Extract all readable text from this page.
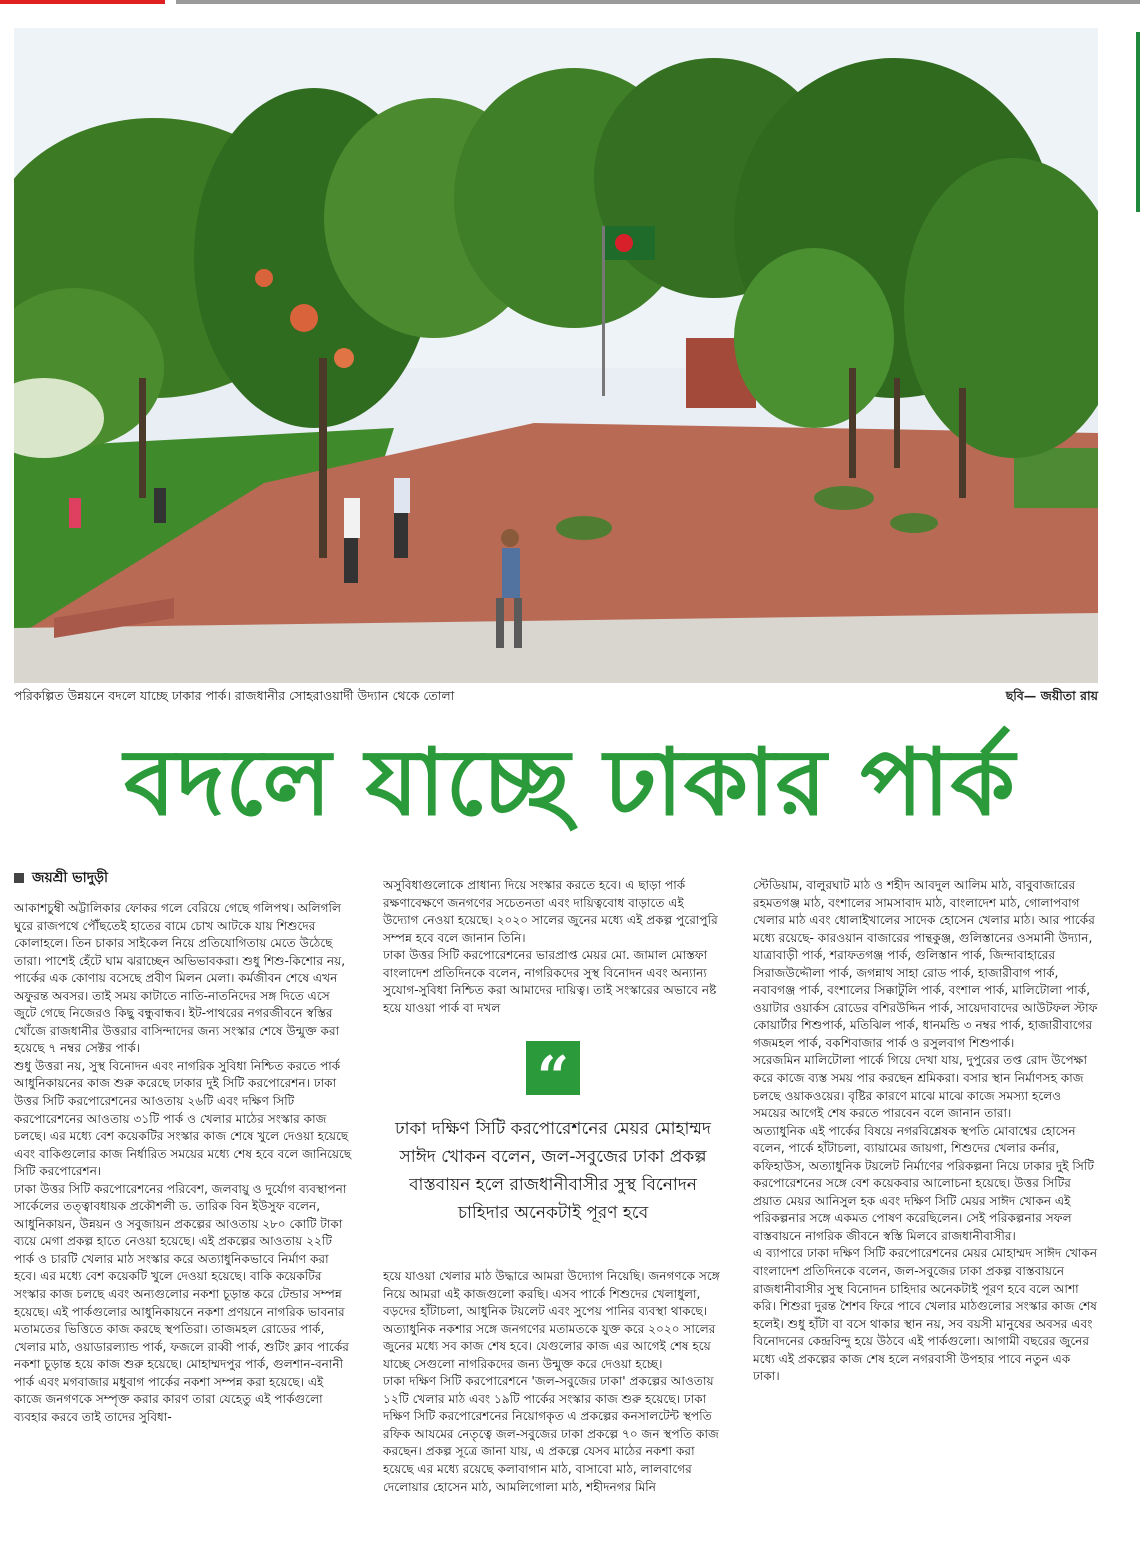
পরিকল্পিত উন্নয়নে বদলে যাচ্ছে ঢাকার পার্ক। রাজধানীর সোহরাওয়ার্দী উদ্যান থেকে তোলা	ছবি— জয়ীতা রায়
বদলে যাচ্ছে ঢাকার পার্ক

জয়শ্রী ভাদুড়ী

আকাশচুম্বী অট্টালিকার ফোকর গলে বেরিয়ে গেছে গলিপথ। অলিগলি ঘুরে রাজপথে পৌঁছতেই হাতের বামে চোখ আটকে যায় শিশুদের কোলাহলে। তিন চাকার সাইকেল নিয়ে প্রতিযোগিতায় মেতে উঠেছে তারা। পাশেই হেঁটে ঘাম ঝরাচ্ছেন অভিভাবকরা। শুধু শিশু-কিশোর নয়, পার্কের এক কোণায় বসেছে প্রবীণ মিলন মেলা। কর্মজীবন শেষে এখন অফুরন্ত অবসর। তাই সময় কাটাতে নাতি-নাতনিদের সঙ্গ দিতে এসে জুটে গেছে নিজেরও কিছু বন্ধুবান্ধব। ইট-পাথরের নগরজীবনে স্বস্তির খোঁজে রাজধানীর উত্তরার বাসিন্দাদের জন্য সংস্কার শেষে উন্মুক্ত করা হয়েছে ৭ নম্বর সেক্টর পার্ক।

শুধু উত্তরা নয়, সুস্থ বিনোদন এবং নাগরিক সুবিধা নিশ্চিত করতে পার্ক আধুনিকায়নের কাজ শুরু করেছে ঢাকার দুই সিটি করপোরেশন। ঢাকা উত্তর সিটি করপোরেশনের আওতায় ২৬টি এবং দক্ষিণ সিটি করপোরেশনের আওতায় ৩১টি পার্ক ও খেলার মাঠের সংস্কার কাজ চলছে। এর মধ্যে বেশ কয়েকটির সংস্কার কাজ শেষে খুলে দেওয়া হয়েছে এবং বাকিগুলোর কাজ নির্ধারিত সময়ের মধ্যে শেষ হবে বলে জানিয়েছে সিটি করপোরেশন।

ঢাকা উত্তর সিটি করপোরেশনের পরিবেশ, জলবায়ু ও দুর্যোগ ব্যবস্থাপনা সার্কেলের তত্ত্বাবধায়ক প্রকৌশলী ড. তারিক বিন ইউসুফ বলেন, আধুনিকায়ন, উন্নয়ন ও সবুজায়ন প্রকল্পের আওতায় ২৮০ কোটি টাকা ব্যয়ে মেগা প্রকল্প হাতে নেওয়া হয়েছে। এই প্রকল্পের আওতায় ২২টি পার্ক ও চারটি খেলার মাঠ সংস্কার করে অত্যাধুনিকভাবে নির্মাণ করা হবে। এর মধ্যে বেশ কয়েকটি খুলে দেওয়া হয়েছে। বাকি কয়েকটির সংস্কার কাজ চলছে এবং অন্যগুলোর নকশা চূড়ান্ত করে টেন্ডার সম্পন্ন হয়েছে। এই পার্কগুলোর আধুনিকায়নে নকশা প্রণয়নে নাগরিক ভাবনার মতামতের ভিত্তিতে কাজ করছে স্থপতিরা। তাজমহল রোডের পার্ক, খেলার মাঠ, ওয়াডারল্যান্ড পার্ক, ফজলে রাব্বী পার্ক, শুটিং ক্লাব পার্কের নকশা চূড়ান্ত হয়ে কাজ শুরু হয়েছে। মোহাম্মদপুর পার্ক, গুলশান-বনানী পার্ক এবং মগবাজার মধুবাগ পার্কের নকশা সম্পন্ন করা হয়েছে। এই কাজে জনগণকে সম্পৃক্ত করার কারণ তারা যেহেতু এই পার্কগুলো ব্যবহার করবে তাই তাদের সুবিধা-

অসুবিধাগুলোকে প্রাধান্য দিয়ে সংস্কার করতে হবে। এ ছাড়া পার্ক রক্ষণাবেক্ষণে জনগণের সচেতনতা এবং দায়িত্ববোধ বাড়াতে এই উদ্যোগ নেওয়া হয়েছে। ২০২০ সালের জুনের মধ্যে এই প্রকল্প পুরোপুরি সম্পন্ন হবে বলে জানান তিনি।

ঢাকা উত্তর সিটি করপোরেশনের ভারপ্রাপ্ত মেয়র মো. জামাল মোস্তফা বাংলাদেশ প্রতিদিনকে বলেন, নাগরিকদের সুস্থ বিনোদন এবং অন্যান্য সুযোগ-সুবিধা নিশ্চিত করা আমাদের দায়িত্ব। তাই সংস্কারের অভাবে নষ্ট হয়ে যাওয়া পার্ক বা দখল

“
ঢাকা দক্ষিণ সিটি করপোরেশনের মেয়র মোহাম্মদ সাঈদ খোকন বলেন, জল-সবুজের ঢাকা প্রকল্প বাস্তবায়ন হলে রাজধানীবাসীর সুস্থ বিনোদন চাহিদার অনেকটাই পূরণ হবে

হয়ে যাওয়া খেলার মাঠ উদ্ধারে আমরা উদ্যোগ নিয়েছি। জনগণকে সঙ্গে নিয়ে আমরা এই কাজগুলো করছি। এসব পার্কে শিশুদের খেলাধুলা, বড়দের হাঁটাচলা, আধুনিক টয়লেট এবং সুপেয় পানির ব্যবস্থা থাকছে। অত্যাধুনিক নকশার সঙ্গে জনগণের মতামতকে যুক্ত করে ২০২০ সালের জুনের মধ্যে সব কাজ শেষ হবে। যেগুলোর কাজ এর আগেই শেষ হয়ে যাচ্ছে সেগুলো নাগরিকদের জন্য উন্মুক্ত করে দেওয়া হচ্ছে।

ঢাকা দক্ষিণ সিটি করপোরেশনে 'জল-সবুজের ঢাকা' প্রকল্পের আওতায় ১২টি খেলার মাঠ এবং ১৯টি পার্কের সংস্কার কাজ শুরু হয়েছে। ঢাকা দক্ষিণ সিটি করপোরেশনের নিয়োগকৃত এ প্রকল্পের কনসালটেন্ট স্থপতি রফিক আযমের নেতৃত্বে জল-সবুজের ঢাকা প্রকল্পে ৭০ জন স্থপতি কাজ করছেন। প্রকল্প সূত্রে জানা যায়, এ প্রকল্পে যেসব মাঠের নকশা করা হয়েছে এর মধ্যে রয়েছে কলাবাগান মাঠ, বাসাবো মাঠ, লালবাগের দেলোয়ার হোসেন মাঠ, আমলিগোলা মাঠ, শহীদনগর মিনি

স্টেডিয়াম, বালুরঘাট মাঠ ও শহীদ আবদুল আলিম মাঠ, বাবুবাজারের রহমতগঞ্জ মাঠ, বংশালের সামসাবাদ মাঠ, বাংলাদেশ মাঠ, গোলাপবাগ খেলার মাঠ এবং ধোলাইখালের সাদেক হোসেন খেলার মাঠ। আর পার্কের মধ্যে রয়েছে- কারওয়ান বাজারের পান্থকুঞ্জ, গুলিস্তানের ওসমানী উদ্যান, যাত্রাবাড়ী পার্ক, শরাফতগঞ্জ পার্ক, গুলিস্তান পার্ক, জিন্দাবাহারের সিরাজউদ্দৌলা পার্ক, জগন্নাথ সাহা রোড পার্ক, হাজারীবাগ পার্ক, নবাবগঞ্জ পার্ক, বংশালের সিক্কাটুলি পার্ক, বংশাল পার্ক, মালিটোলা পার্ক, ওয়াটার ওয়ার্কস রোডের বশিরউদ্দিন পার্ক, সায়েদাবাদের আউটফল স্টাফ কোয়ার্টার শিশুপার্ক, মতিঝিল পার্ক, ধানমন্ডি ৩ নম্বর পার্ক, হাজারীবাগের গজমহল পার্ক, বকশিবাজার পার্ক ও রসুলবাগ শিশুপার্ক।

সরেজমিন মালিটোলা পার্কে গিয়ে দেখা যায়, দুপুরের তপ্ত রোদ উপেক্ষা করে কাজে ব্যস্ত সময় পার করছেন শ্রমিকরা। বসার স্থান নির্মাণসহ কাজ চলছে ওয়াকওয়ের। বৃষ্টির কারণে মাঝে মাঝে কাজে সমস্যা হলেও সময়ের আগেই শেষ করতে পারবেন বলে জানান তারা।

অত্যাধুনিক এই পার্কের বিষয়ে নগরবিশ্লেষক স্থপতি মোবাশ্বের হোসেন বলেন, পার্কে হাঁটাচলা, ব্যায়ামের জায়গা, শিশুদের খেলার কর্নার, কফিহাউস, অত্যাধুনিক টয়লেট নির্মাণের পরিকল্পনা নিয়ে ঢাকার দুই সিটি করপোরেশনের সঙ্গে বেশ কয়েকবার আলোচনা হয়েছে। উত্তর সিটির প্রয়াত মেয়র আনিসুল হক এবং দক্ষিণ সিটি মেয়র সাঈদ খোকন এই পরিকল্পনার সঙ্গে একমত পোষণ করেছিলেন। সেই পরিকল্পনার সফল বাস্তবায়নে নাগরিক জীবনে স্বস্তি মিলবে রাজধানীবাসীর।

এ ব্যাপারে ঢাকা দক্ষিণ সিটি করপোরেশনের মেয়র মোহাম্মদ সাঈদ খোকন বাংলাদেশ প্রতিদিনকে বলেন, জল-সবুজের ঢাকা প্রকল্প বাস্তবায়নে রাজধানীবাসীর সুস্থ বিনোদন চাহিদার অনেকটাই পূরণ হবে বলে আশা করি। শিশুরা দুরন্ত শৈশব ফিরে পাবে খেলার মাঠগুলোর সংস্কার কাজ শেষ হলেই। শুধু হাঁটা বা বসে থাকার স্থান নয়, সব বয়সী মানুষের অবসর এবং বিনোদনের কেন্দ্রবিন্দু হয়ে উঠবে এই পার্কগুলো। আগামী বছরের জুনের মধ্যে এই প্রকল্পের কাজ শেষ হলে নগরবাসী উপহার পাবে নতুন এক ঢাকা।
